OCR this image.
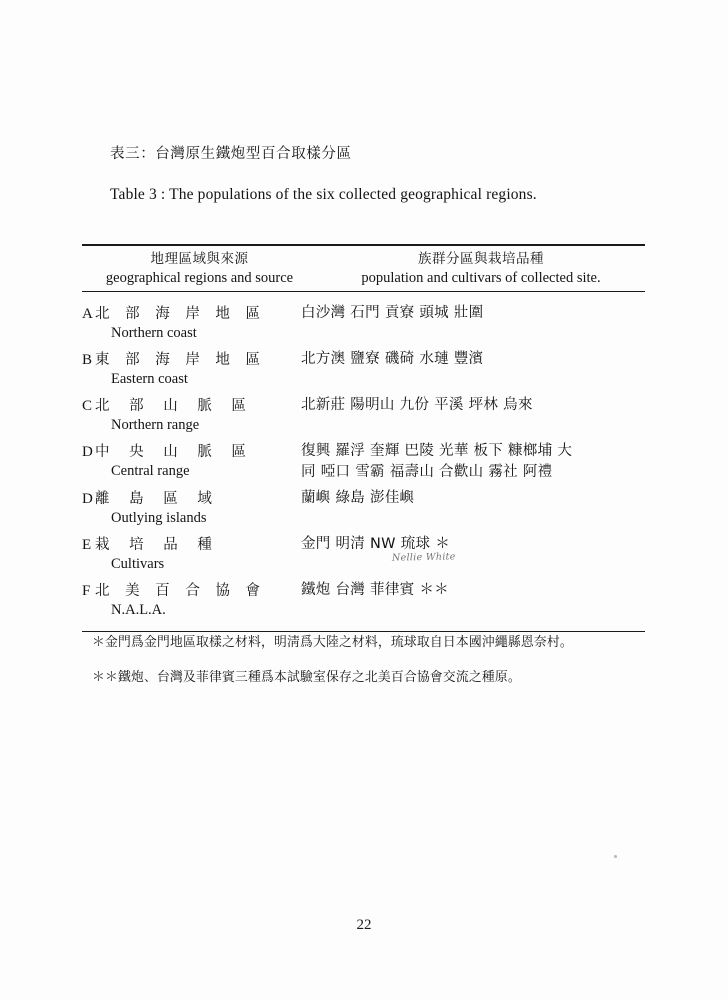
表三：台灣原生鐵炮型百合取樣分區
Table 3 : The populations of the six collected geographical regions.
地理區域與來源
geographical regions and source
族群分區與栽培品種
population and cultivars of collected site.
A 北 部 海 岸 地 區
Northern coast
白沙灣 石門 貢寮 頭城 壯圍
B 東 部 海 岸 地 區
Eastern coast
北方澳 鹽寮 磯碕 水璉 豐濱
C 北 部 山 脈 區
Northern range
北新莊 陽明山 九份 平溪 坪林 烏來
D 中 央 山 脈 區
Central range
復興 羅浮 奎輝 巴陵 光華 板下 糠榔埔 大
同 啞口 雪霸 福壽山 合歡山 霧社 阿禮
D 離 島 區 域
Outlying islands
蘭嶼 綠島 澎佳嶼
E 栽 培 品 種
Cultivars
金門 明清 NW 琉球 ＊
Nellie White
F 北 美 百 合 協 會
N.A.L.A.
鐵炮 台灣 菲律賓 ＊＊
＊金門爲金門地區取樣之材料，明淸爲大陸之材料，琉球取自日本國沖繩縣恩奈村。
＊＊鐵炮、台灣及菲律賓三種爲本試驗室保存之北美百合協會交流之種原。
22
